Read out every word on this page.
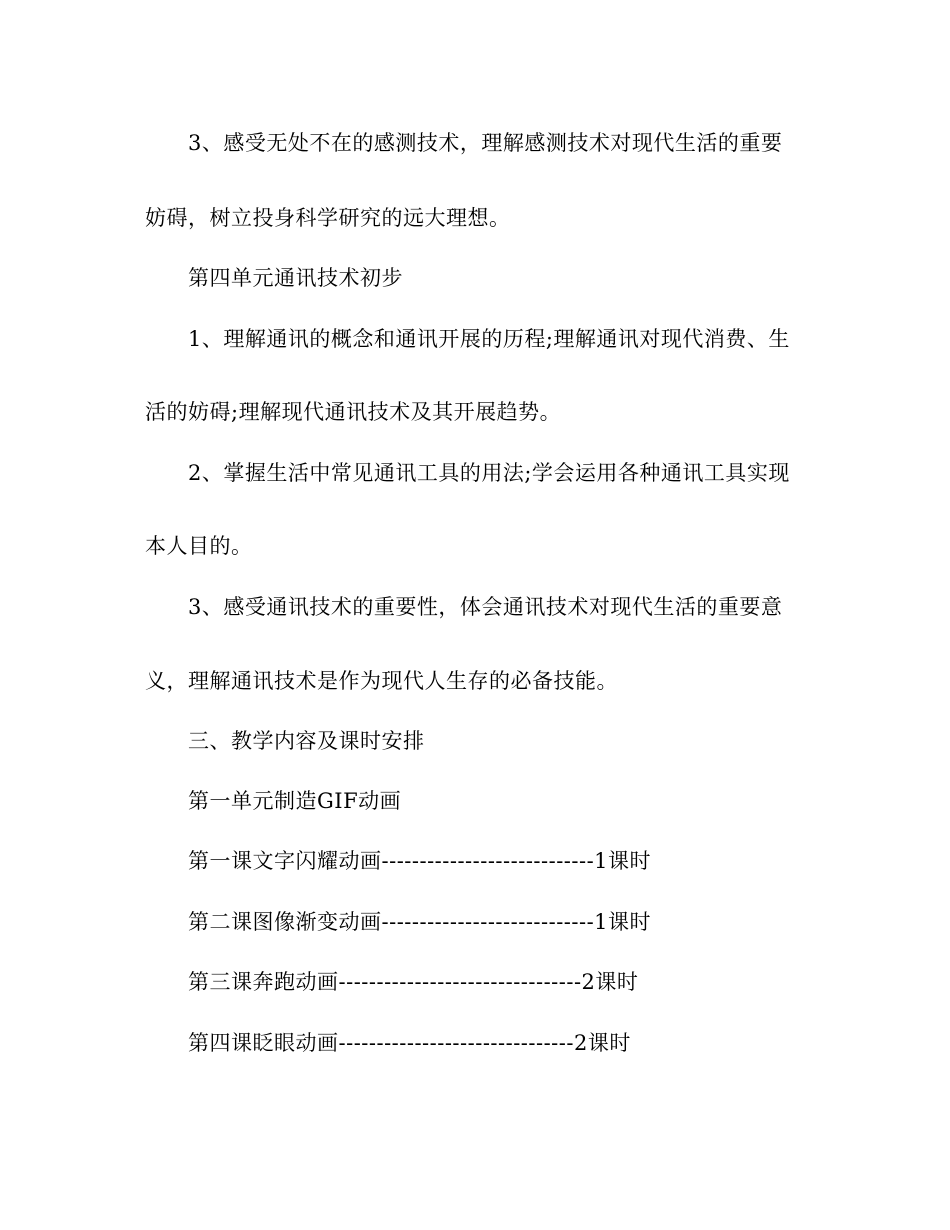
3、感受无处不在的感测技术，理解感测技术对现代生活的重要
妨碍，树立投身科学研究的远大理想。
第四单元通讯技术初步
1、理解通讯的概念和通讯开展的历程;理解通讯对现代消费、生
活的妨碍;理解现代通讯技术及其开展趋势。
2、掌握生活中常见通讯工具的用法;学会运用各种通讯工具实现
本人目的。
3、感受通讯技术的重要性，体会通讯技术对现代生活的重要意
义，理解通讯技术是作为现代人生存的必备技能。
三、教学内容及课时安排
第一单元制造GIF动画
第一课文字闪耀动画----------------------------1课时
第二课图像渐变动画----------------------------1课时
第三课奔跑动画--------------------------------2课时
第四课眨眼动画-------------------------------2课时
